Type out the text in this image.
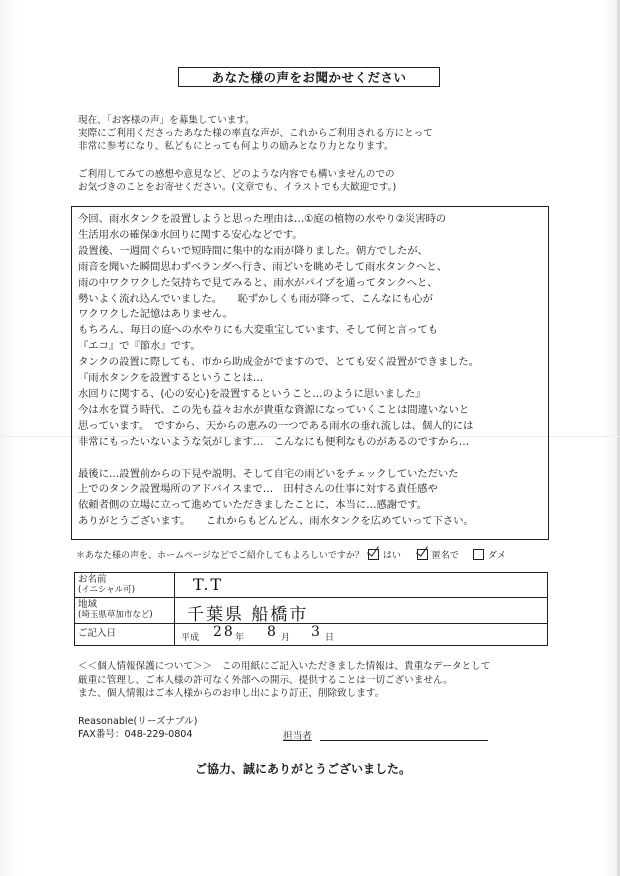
あなた様の声をお聞かせください
現在、「お客様の声」を募集しています。
実際にご利用くださったあなた様の率直な声が、これからご利用される方にとって
非常に参考になり、私どもにとっても何よりの励みとなり力となります。
ご利用してみての感想や意見など、どのような内容でも構いませんのでの
お気づきのことをお寄せください。(文章でも、イラストでも大歓迎です。)
今回、雨水タンクを設置しようと思った理由は…①庭の植物の水やり②災害時の
生活用水の確保③水回りに関する安心などです。
設置後、一週間ぐらいで短時間に集中的な雨が降りました。朝方でしたが、
雨音を聞いた瞬間思わずベランダへ行き、雨どいを眺めそして雨水タンクへと、
雨の中ワクワクした気持ちで見てみると、雨水がパイプを通ってタンクへと、
勢いよく流れ込んでいました。　　恥ずかしくも雨が降って、こんなにも心が
ワクワクした記憶はありません。
もちろん、毎日の庭への水やりにも大変重宝しています、そして何と言っても
『エコ』で『節水』です。
タンクの設置に際しても、市から助成金がでますので、とても安く設置ができました。
『雨水タンクを設置するということは…
水回りに関する、(心の安心)を設置するということ…のように思いました』
今は水を買う時代、この先も益々お水が貴重な資源になっていくことは間違いないと
思っています。　ですから、天からの恵みの一つである雨水の垂れ流しは、個人的には
非常にもったいないような気がします…　こんなにも便利なものがあるのですから…

最後に…設置前からの下見や説明、そして自宅の雨どいをチェックしていただいた
上でのタンク設置場所のアドバイスまで…　田村さんの仕事に対する責任感や
依頼者側の立場に立って進めていただきましたことに、本当に…感謝です。
ありがとうございます。　　これからもどんどん、雨水タンクを広めていって下さい。
＊あなた様の声を、ホームページなどでご紹介してもよろしいですか？ はい	匿名で	ダメ
お名前
(イニシャル可)	T.T
地域
(埼玉県草加市など)	千葉県 船橋市
ご記入日	平成 28 年 8 月 3 日
＜＜個人情報保護について＞＞　この用紙にご記入いただきました情報は、貴重なデータとして
厳重に管理し、ご本人様の許可なく外部への開示、提供することは一切ございません。
また、個人情報はご本人様からのお申し出により訂正、削除致します。
Reasonable(リーズナブル)
FAX番号：048-229-0804	担当者
ご協力、誠にありがとうございました。
